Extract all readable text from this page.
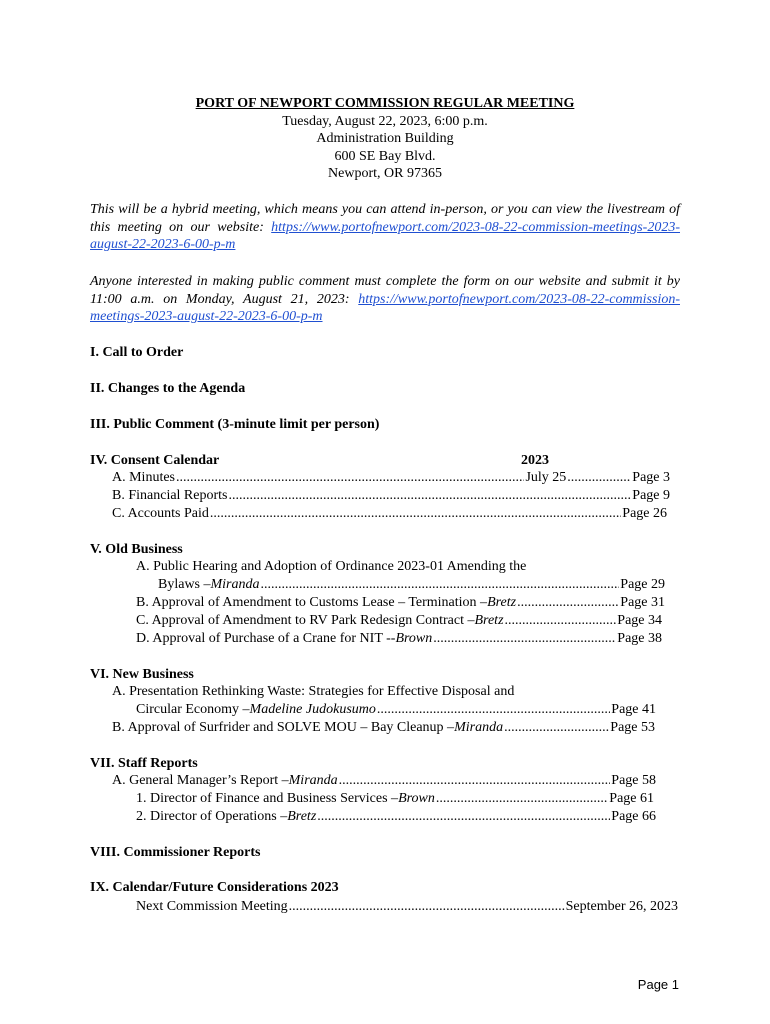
PORT OF NEWPORT COMMISSION REGULAR MEETING
Tuesday, August 22, 2023, 6:00 p.m.
Administration Building
600 SE Bay Blvd.
Newport, OR 97365
This will be a hybrid meeting, which means you can attend in-person, or you can view the livestream of this meeting on our website: https://www.portofnewport.com/2023-08-22-commission-meetings-2023-august-22-2023-6-00-p-m
Anyone interested in making public comment must complete the form on our website and submit it by 11:00 a.m. on Monday, August 21, 2023: https://www.portofnewport.com/2023-08-22-commission-meetings-2023-august-22-2023-6-00-p-m
I. Call to Order
II. Changes to the Agenda
III. Public Comment (3-minute limit per person)
IV. Consent Calendar	2023
A. Minutes .....	July 25 .....	Page 3
B. Financial Reports .....	Page 9
C. Accounts Paid .....	Page 26
V. Old Business
A. Public Hearing and Adoption of Ordinance 2023-01 Amending the
Bylaws – Miranda .....	Page 29
B. Approval of Amendment to Customs Lease – Termination – Bretz .....	Page 31
C. Approval of Amendment to RV Park Redesign Contract – Bretz .....	Page 34
D. Approval of Purchase of a Crane for NIT -- Brown .....	Page 38
VI. New Business
A. Presentation Rethinking Waste: Strategies for Effective Disposal and
Circular Economy – Madeline Judokusumo .....	Page 41
B. Approval of Surfrider and SOLVE MOU – Bay Cleanup – Miranda .....	Page 53
VII. Staff Reports
A. General Manager’s Report – Miranda .....	Page 58
1. Director of Finance and Business Services – Brown .....	Page 61
2. Director of Operations – Bretz .....	Page 66
VIII. Commissioner Reports
IX. Calendar/Future Considerations 2023
Next Commission Meeting .....	September 26, 2023
Page 1
